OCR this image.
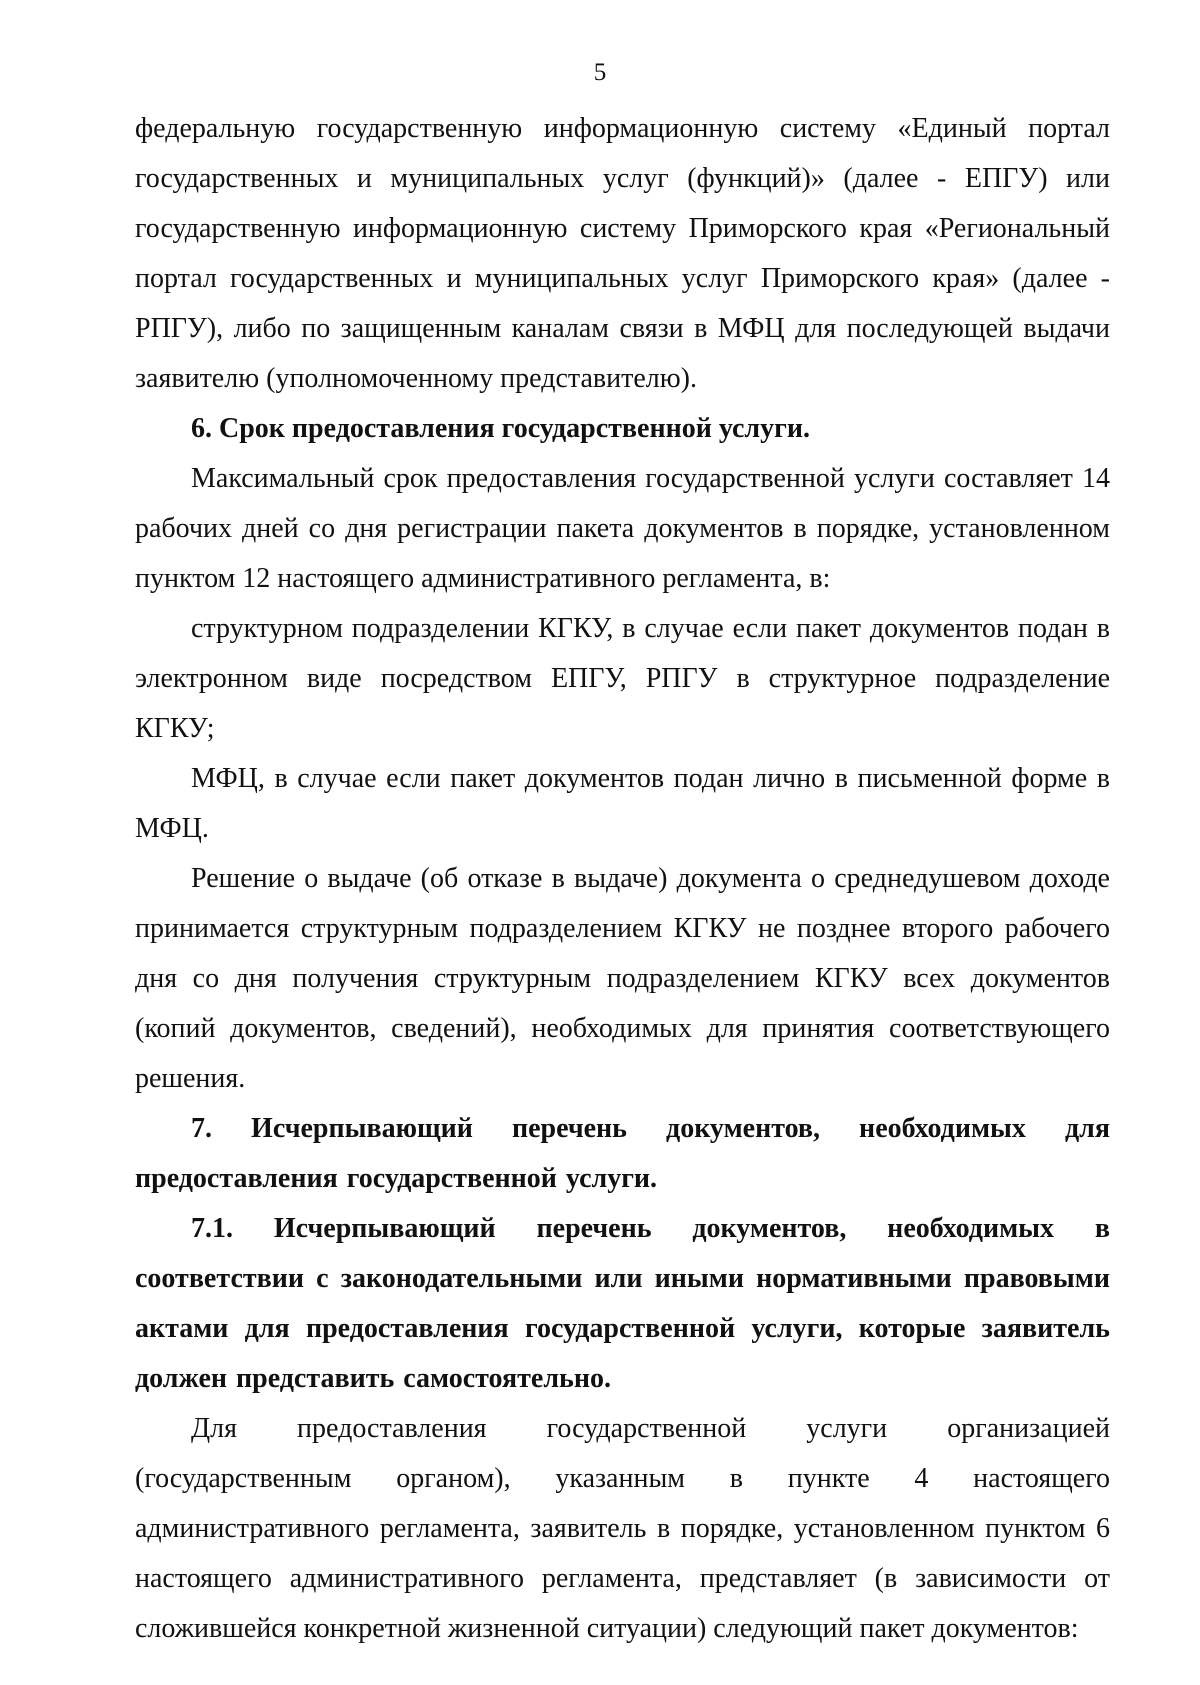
5

федеральную государственную информационную систему «Единый портал государственных и муниципальных услуг (функций)» (далее - ЕПГУ) или государственную информационную систему Приморского края «Региональный портал государственных и муниципальных услуг Приморского края» (далее - РПГУ), либо по защищенным каналам связи в МФЦ для последующей выдачи заявителю (уполномоченному представителю).

6. Срок предоставления государственной услуги.

Максимальный срок предоставления государственной услуги составляет 14 рабочих дней со дня регистрации пакета документов в порядке, установленном пунктом 12 настоящего административного регламента, в:

структурном подразделении КГКУ, в случае если пакет документов подан в электронном виде посредством ЕПГУ, РПГУ в структурное подразделение КГКУ;

МФЦ, в случае если пакет документов подан лично в письменной форме в МФЦ.

Решение о выдаче (об отказе в выдаче) документа о среднедушевом доходе принимается структурным подразделением КГКУ не позднее второго рабочего дня со дня получения структурным подразделением КГКУ всех документов (копий документов, сведений), необходимых для принятия соответствующего решения.

7. Исчерпывающий перечень документов, необходимых для предоставления государственной услуги.

7.1. Исчерпывающий перечень документов, необходимых в соответствии с законодательными или иными нормативными правовыми актами для предоставления государственной услуги, которые заявитель должен представить самостоятельно.

Для предоставления государственной услуги организацией (государственным органом), указанным в пункте 4 настоящего административного регламента, заявитель в порядке, установленном пунктом 6 настоящего административного регламента, представляет (в зависимости от сложившейся конкретной жизненной ситуации) следующий пакет документов:
